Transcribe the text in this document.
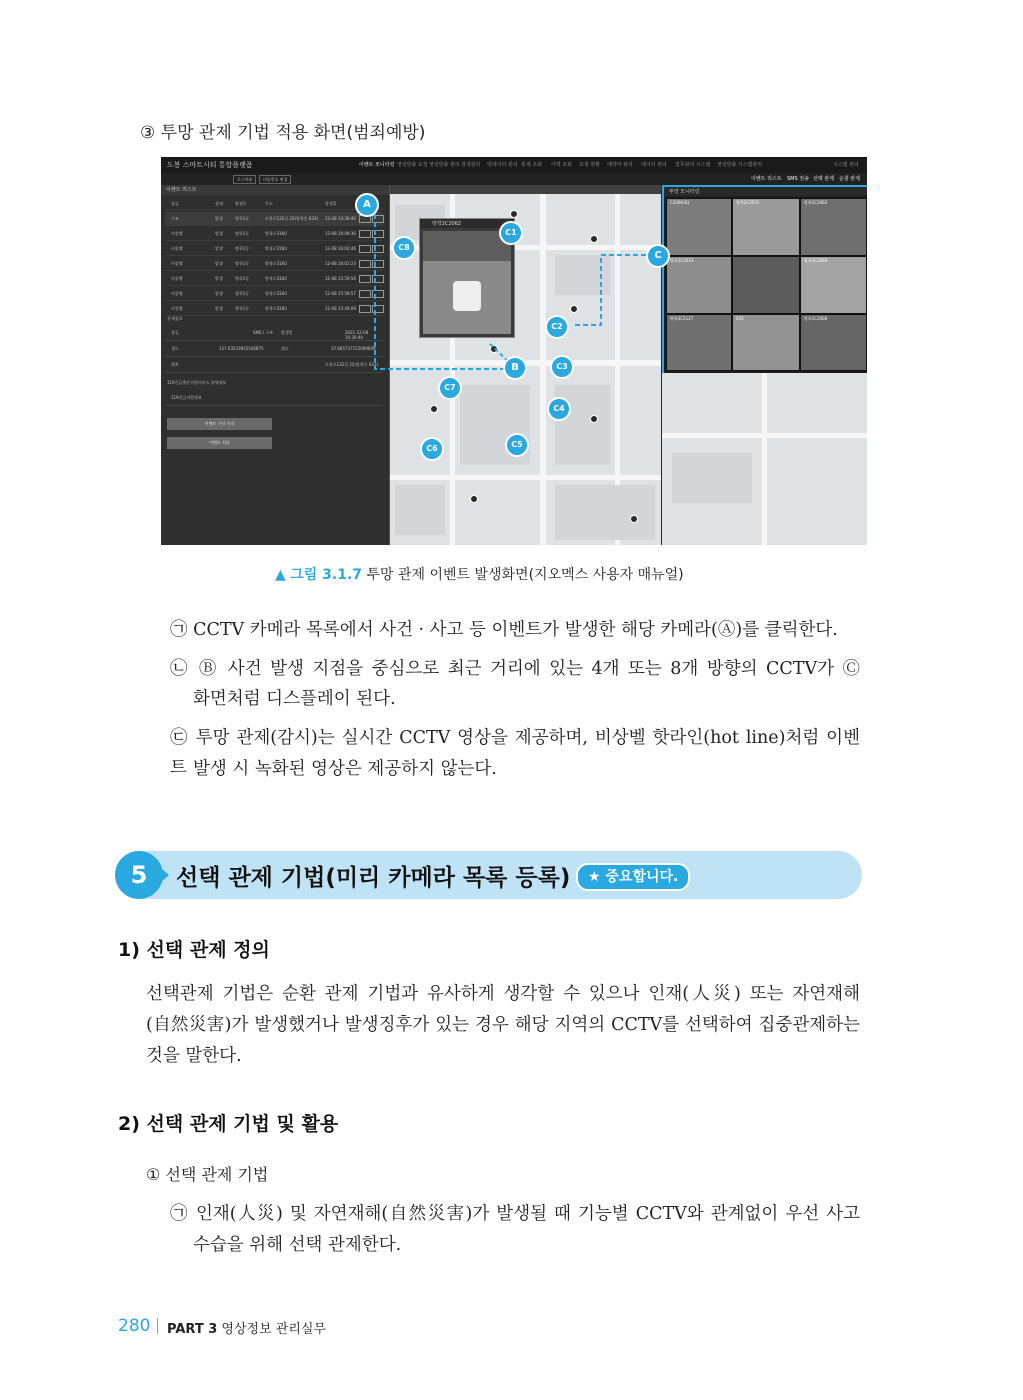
③ 투망 관제 기법 적용 화면(범죄예방)
도봉 스마트시티 통합플랫폼	이벤트 모니터링 영상반출 요청 영상반출 관리 검색관리 빅데이터 분석 통계 조회 이력 조회 요청 현황 예약어 관리 데이터 관리 업무관리 시스템 영상반출 시스템관리	시스템 관리
로그아웃	비밀번호 변경	이벤트 리스트 SMS 전송 선택 관제 순찰 관제
이벤트 리스트
종류	상태	발생동	주소	발생일
구조	발생	방학1동	도봉로132길 22(방학동 633) 12-08 10:30:40
비상벨	발생	방학1동	방학로3160	12-08 16:09:36
비상벨	발생	방학1동	방학로3160	12-08 16:02:46
비상벨	발생	방학1동	방학로3160	12-08 16:01:23
비상벨	발생	방학1동	방학로3160	12-08 15:59:56
비상벨	발생	방학1동	방학로3160	12-08 15:59:57
비상벨	발생	방학1동	방학로3160	12-08 15:49:09
상세정보
종류	SMS / 구조 발생일	2021-12-08 10:30:40
경도	127.03533935546875	위도	37.665737152099609
위치	도봉로132길 22(방학동 633)
119긴급출동지원서비스 상세정보
119긴급지원정보
이벤트 수신 시작
이벤트 처리
방학2C2062
투망 모니터링
C2008-B1	방학2C2035	방학2C2062
방학2C2033	방학2C2060
방학2C2117	633	방학2C2066
A
B
C
C1
C2
C3
C4
C5
C6
C7
C8
▲ 그림 3.1.7 투망 관제 이벤트 발생화면(지오멕스 사용자 매뉴얼)
㉠ CCTV 카메라 목록에서 사건 · 사고 등 이벤트가 발생한 해당 카메라(Ⓐ)를 클릭한다.
㉡ Ⓑ 사건 발생 지점을 중심으로 최근 거리에 있는 4개 또는 8개 방향의 CCTV가 Ⓒ
화면처럼 디스플레이 된다.
㉢ 투망 관제(감시)는 실시간 CCTV 영상을 제공하며, 비상벨 핫라인(hot line)처럼 이벤트 발생 시 녹화된 영상은 제공하지 않는다.
5	선택 관제 기법(미리 카메라 목록 등록)	★ 중요합니다.
1) 선택 관제 정의
선택관제 기법은 순환 관제 기법과 유사하게 생각할 수 있으나 인재(人災) 또는 자연재해
(自然災害)가 발생했거나 발생징후가 있는 경우 해당 지역의 CCTV를 선택하여 집중관제하는
것을 말한다.
2) 선택 관제 기법 및 활용
① 선택 관제 기법
㉠ 인재(人災) 및 자연재해(自然災害)가 발생될 때 기능별 CCTV와 관계없이 우선 사고
수습을 위해 선택 관제한다.
280 PART 3 영상정보 관리실무
